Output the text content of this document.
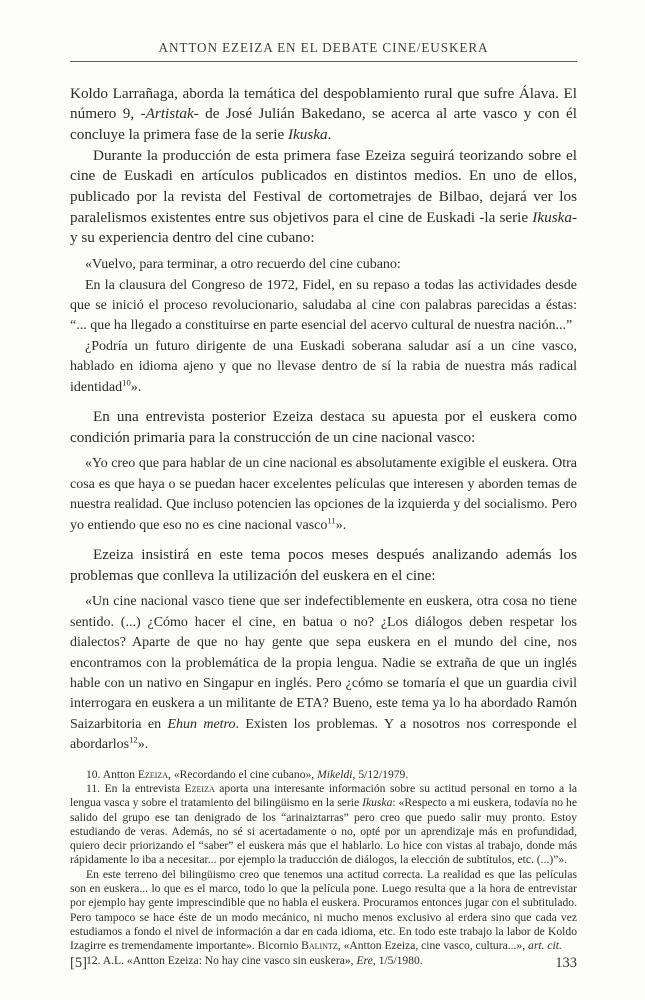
ANTTON EZEIZA EN EL DEBATE CINE/EUSKERA

Koldo Larrañaga, aborda la temática del despoblamiento rural que sufre Álava. El número 9, -Artistak- de José Julián Bakedano, se acerca al arte vasco y con él concluye la primera fase de la serie Ikuska.

Durante la producción de esta primera fase Ezeiza seguirá teorizando sobre el cine de Euskadi en artículos publicados en distintos medios. En uno de ellos, publicado por la revista del Festival de cortometrajes de Bilbao, dejará ver los paralelismos existentes entre sus objetivos para el cine de Euskadi -la serie Ikuska- y su experiencia dentro del cine cubano:

«Vuelvo, para terminar, a otro recuerdo del cine cubano:

En la clausura del Congreso de 1972, Fidel, en su repaso a todas las actividades desde que se inició el proceso revolucionario, saludaba al cine con palabras parecidas a éstas: “... que ha llegado a constituirse en parte esencial del acervo cultural de nuestra nación...”

¿Podría un futuro dirigente de una Euskadi soberana saludar así a un cine vasco, hablado en idioma ajeno y que no llevase dentro de sí la rabia de nuestra más radical identidad$^{10}$».

En una entrevista posterior Ezeiza destaca su apuesta por el euskera como condición primaria para la construcción de un cine nacional vasco:

«Yo creo que para hablar de un cine nacional es absolutamente exigible el euskera. Otra cosa es que haya o se puedan hacer excelentes películas que interesen y aborden temas de nuestra realidad. Que incluso potencien las opciones de la izquierda y del socialismo. Pero yo entiendo que eso no es cine nacional vasco$^{11}$».

Ezeiza insistirá en este tema pocos meses después analizando además los problemas que conlleva la utilización del euskera en el cine:

«Un cine nacional vasco tiene que ser indefectiblemente en euskera, otra cosa no tiene sentido. (...) ¿Cómo hacer el cine, en batua o no? ¿Los diálogos deben respetar los dialectos? Aparte de que no hay gente que sepa euskera en el mundo del cine, nos encontramos con la problemática de la propia lengua. Nadie se extraña de que un inglés hable con un nativo en Singapur en inglés. Pero ¿cómo se tomaría el que un guardia civil interrogara en euskera a un militante de ETA? Bueno, este tema ya lo ha abordado Ramón Saizarbitoria en Ehun metro. Existen los problemas. Y a nosotros nos corresponde el abordarlos$^{12}$».

10. Antton Ezeiza, «Recordando el cine cubano», Mikeldi, 5/12/1979.

11. En la entrevista Ezeiza aporta una interesante información sobre su actitud personal en torno a la lengua vasca y sobre el tratamiento del bilingüismo en la serie Ikuska: «Respecto a mi euskera, todavía no he salido del grupo ese tan denigrado de los “arinaiztarras” pero creo que puedo salir muy pronto. Estoy estudiando de veras. Además, no sé si acertadamente o no, opté por un aprendizaje más en profundidad, quiero decir priorizando el “saber” el euskera más que el hablarlo. Lo hice con vistas al trabajo, donde más rápidamente lo iba a necesitar... por ejemplo la traducción de diálogos, la elección de subtítulos, etc. (...)”».

En este terreno del bilingüismo creo que tenemos una actitud correcta. La realidad es que las películas son en euskera... lo que es el marco, todo lo que la película pone. Luego resulta que a la hora de entrevistar por ejemplo hay gente imprescindible que no habla el euskera. Procuramos entonces jugar con el subtitulado. Pero tampoco se hace éste de un modo mecánico, ni mucho menos exclusivo al erdera sino que cada vez estudiamos a fondo el nivel de información a dar en cada idioma, etc. En todo este trabajo la labor de Koldo Izagirre es tremendamente importante». Bicornio Balintz, «Antton Ezeiza, cine vasco, cultura...», art. cit.

12. A.L. «Antton Ezeiza: No hay cine vasco sin euskera», Ere, 1/5/1980.

[5]	133
